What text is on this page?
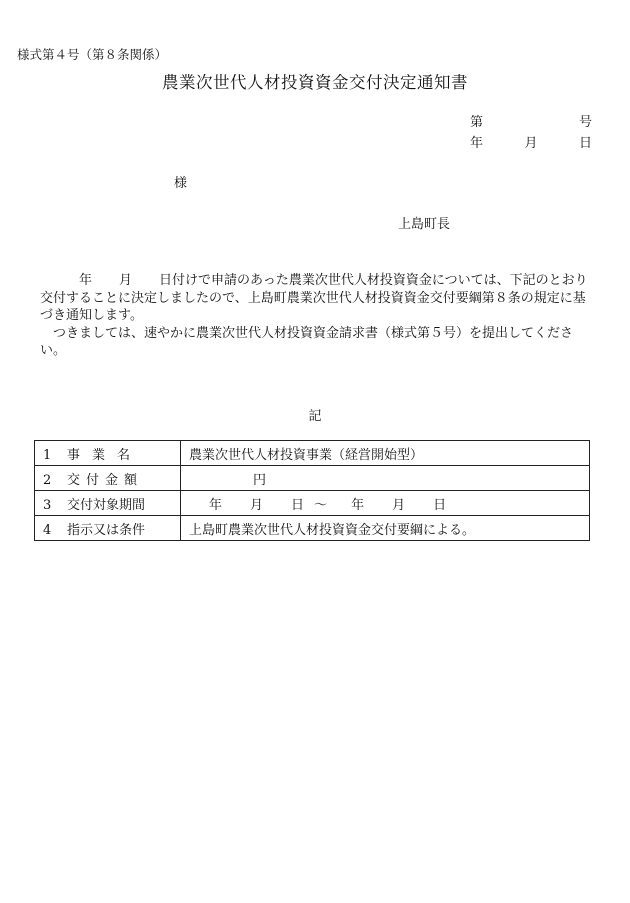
様式第４号（第８条関係）
農業次世代人材投資資金交付決定通知書
第	号
年	月	日
様
上島町長

年 月 日付けで申請のあった農業次世代人材投資資金については、下記のとおり交付することに決定しましたので、上島町農業次世代人材投資資金交付要綱第８条の規定に基づき通知します。

つきましては、速やかに農業次世代人材投資資金請求書（様式第５号）を提出してください。

記
1 事業名	農業次世代人材投資事業（経営開始型）
2 交付金額	円
3 交付対象期間	年 月 日 ～ 年 月 日
4 指示又は条件	上島町農業次世代人材投資資金交付要綱による。
